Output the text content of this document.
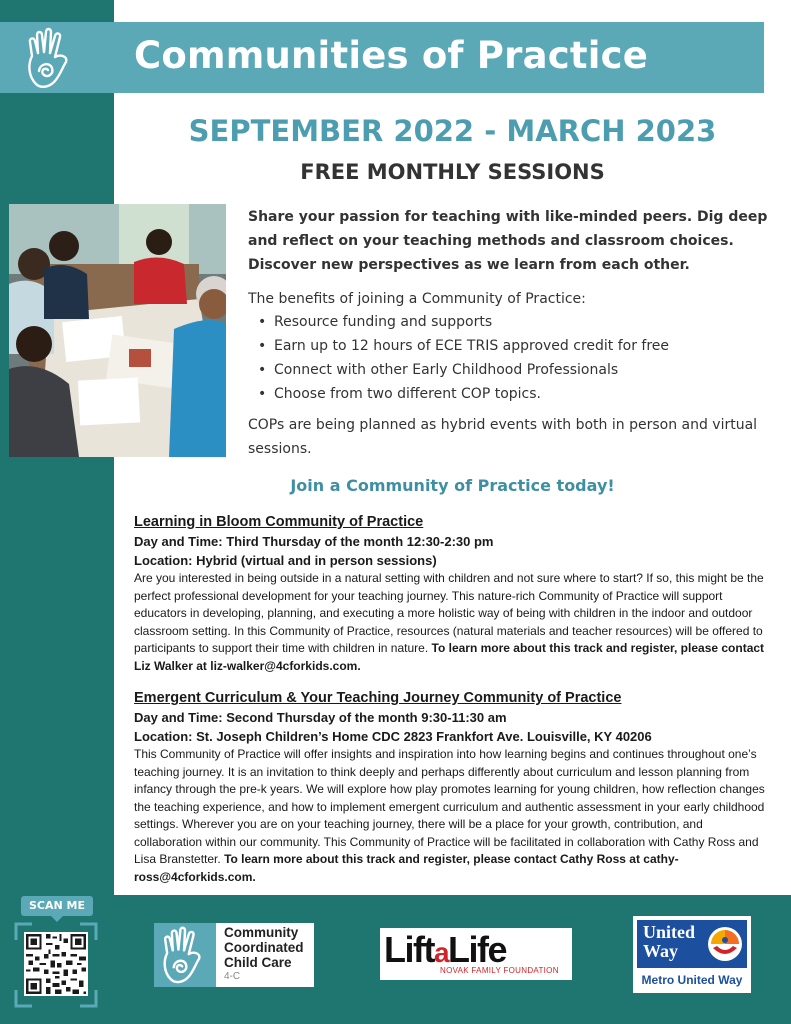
Communities of Practice
SEPTEMBER 2022 - MARCH 2023
FREE MONTHLY SESSIONS
Share your passion for teaching with like-minded peers. Dig deep and reflect on your teaching methods and classroom choices. Discover new perspectives as we learn from each other.
The benefits of joining a Community of Practice:
• Resource funding and supports
• Earn up to 12 hours of ECE TRIS approved credit for free
• Connect with other Early Childhood Professionals
• Choose from two different COP topics.
COPs are being planned as hybrid events with both in person and virtual sessions.
Join a Community of Practice today!
Learning in Bloom Community of Practice
Day and Time: Third Thursday of the month 12:30-2:30 pm
Location: Hybrid (virtual and in person sessions)
Are you interested in being outside in a natural setting with children and not sure where to start? If so, this might be the perfect professional development for your teaching journey. This nature-rich Community of Practice will support educators in developing, planning, and executing a more holistic way of being with children in the indoor and outdoor classroom setting. In this Community of Practice, resources (natural materials and teacher resources) will be offered to participants to support their time with children in nature. To learn more about this track and register, please contact Liz Walker at liz-walker@4cforkids.com.
Emergent Curriculum & Your Teaching Journey Community of Practice
Day and Time: Second Thursday of the month 9:30-11:30 am
Location: St. Joseph Children’s Home CDC 2823 Frankfort Ave. Louisville, KY 40206
This Community of Practice will offer insights and inspiration into how learning begins and continues throughout one’s teaching journey. It is an invitation to think deeply and perhaps differently about curriculum and lesson planning from infancy through the pre-k years. We will explore how play promotes learning for young children, how reflection changes the teaching experience, and how to implement emergent curriculum and authentic assessment in your early childhood settings. Wherever you are on your teaching journey, there will be a place for your growth, contribution, and collaboration within our community. This Community of Practice will be facilitated in collaboration with Cathy Ross and Lisa Branstetter. To learn more about this track and register, please contact Cathy Ross at cathy-ross@4cforkids.com.
SCAN ME
Community
Coordinated
Child Care
4-C
LiftaLife
NOVAK FAMILY FOUNDATION
United
Way
Metro United Way
